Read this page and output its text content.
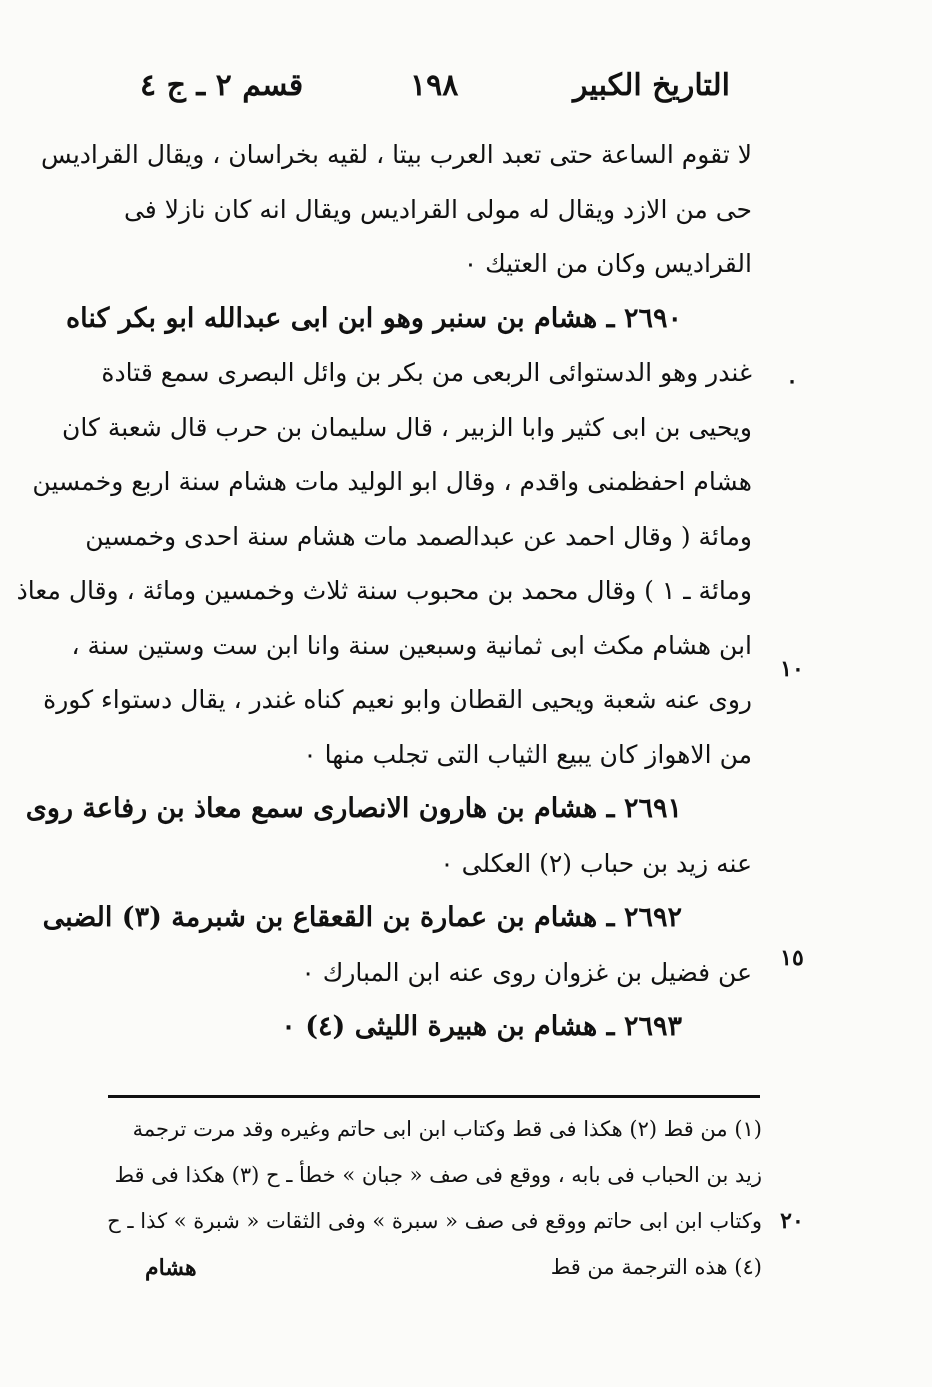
التاريخ الكبير
١٩٨
قسم ٢ ـ ج ٤
لا تقوم الساعة حتى تعبد العرب بيتا ، لقيه بخراسان ، ويقال القراديس
حى من الازد ويقال له مولى القراديس ويقال انه كان نازلا فى
القراديس وكان من العتيك ٠
٢٦٩٠ ـ هشام بن سنبر وهو ابن ابى عبدالله ابو بكر كناه
غندر وهو الدستوائى الربعى من بكر بن وائل البصرى سمع قتادة
ويحيى بن ابى كثير وابا الزبير ، قال سليمان بن حرب قال شعبة كان
هشام احفظمنى واقدم ، وقال ابو الوليد مات هشام سنة اربع وخمسين
ومائة ( وقال احمد عن عبدالصمد مات هشام سنة احدى وخمسين
ومائة ـ ١ ) وقال محمد بن محبوب سنة ثلاث وخمسين ومائة ، وقال معاذ
ابن هشام مكث ابى ثمانية وسبعين سنة وانا ابن ست وستين سنة ،
روى عنه شعبة ويحيى القطان وابو نعيم كناه غندر ، يقال دستواء كورة
من الاهواز كان يبيع الثياب التى تجلب منها ٠
٢٦٩١ ـ هشام بن هارون الانصارى سمع معاذ بن رفاعة روى
عنه زيد بن حباب (٢) العكلى ٠
٢٦٩٢ ـ هشام بن عمارة بن القعقاع بن شبرمة (٣) الضبى
عن فضيل بن غزوان روى عنه ابن المبارك ٠
٢٦٩٣ ـ هشام بن هبيرة الليثى (٤) ٠
٠
١٠
١٥
٢٠
(١) من قط (٢) هكذا فى قط وكتاب ابن ابى حاتم وغيره وقد مرت ترجمة
زيد بن الحباب فى بابه ، ووقع فى صف « جبان » خطأ ـ ح (٣) هكذا فى قط
وكتاب ابن ابى حاتم ووقع فى صف « سبرة » وفى الثقات « شبرة » كذا ـ ح
(٤) هذه الترجمة من قط
هشام
